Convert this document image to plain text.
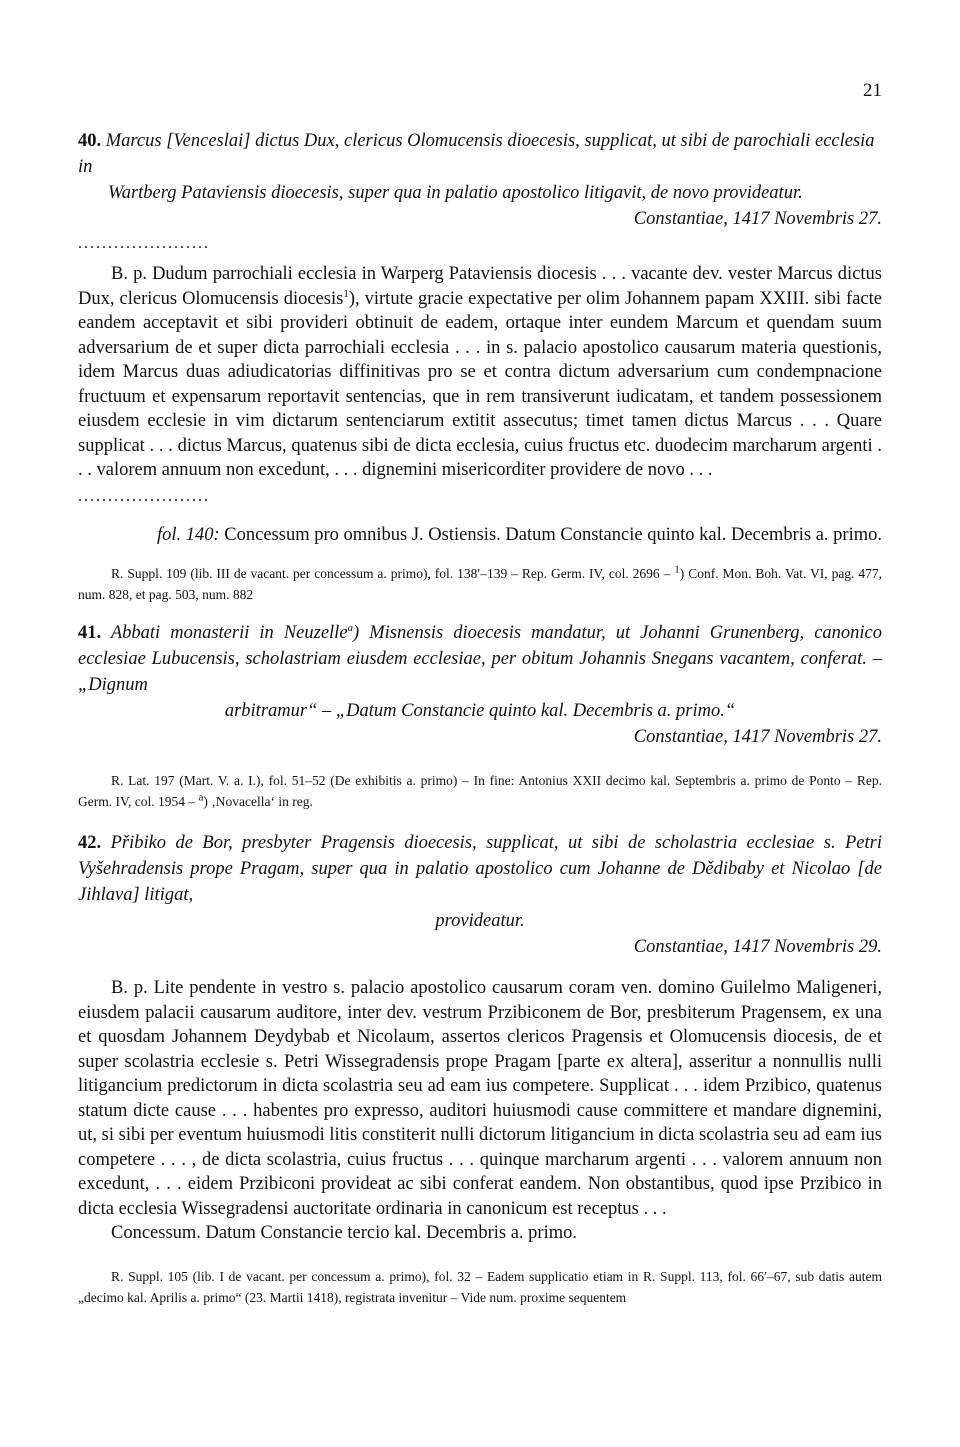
21

40. Marcus [Venceslai] dictus Dux, clericus Olomucensis dioecesis, supplicat, ut sibi de parochiali ecclesia in
Wartberg Pataviensis dioecesis, super qua in palatio apostolico litigavit, de novo provideatur.

Constantiae, 1417 Novembris 27.

......................

B. p. Dudum parrochiali ecclesia in Warperg Pataviensis diocesis . . . vacante dev. vester Marcus dictus Dux, clericus Olomucensis diocesis$^1$), virtute gracie expectative per olim Johannem papam XXIII. sibi facte eandem acceptavit et sibi provideri obtinuit de eadem, ortaque inter eundem Marcum et quendam suum adversarium de et super dicta parrochiali ecclesia . . . in s. palacio apostolico causarum materia questionis, idem Marcus duas adiudicatorias diffinitivas pro se et contra dictum adversarium cum condempnacione fructuum et expensarum reportavit sentencias, que in rem transiverunt iudicatam, et tandem possessionem eiusdem ecclesie in vim dictarum sentenciarum extitit assecutus; timet tamen dictus Marcus . . . Quare supplicat . . . dictus Marcus, quatenus sibi de dicta ecclesia, cuius fructus etc. duodecim marcharum argenti . . . valorem annuum non excedunt, . . . dignemini misericorditer providere de novo . . .

......................

fol. 140: Concessum pro omnibus J. Ostiensis. Datum Constancie quinto kal. Decembris a. primo.

R. Suppl. 109 (lib. III de vacant. per concessum a. primo), fol. 138′–139 – Rep. Germ. IV, col. 2696 – $^1$) Conf. Mon. Boh. Vat. VI, pag. 477, num. 828, et pag. 503, num. 882

41. Abbati monasterii in Neuzelle$^a$) Misnensis dioecesis mandatur, ut Johanni Grunenberg, canonico ecclesiae Lubucensis, scholastriam eiusdem ecclesiae, per obitum Johannis Snegans vacantem, conferat. – „Dignum

arbitramur“ – „Datum Constancie quinto kal. Decembris a. primo.“

Constantiae, 1417 Novembris 27.

R. Lat. 197 (Mart. V. a. I.), fol. 51–52 (De exhibitis a. primo) – In fine: Antonius XXII decimo kal. Septembris a. primo de Ponto – Rep. Germ. IV, col. 1954 – $^a$) ‚Novacella‘ in reg.

42. Přibiko de Bor, presbyter Pragensis dioecesis, supplicat, ut sibi de scholastria ecclesiae s. Petri Vyšehradensis prope Pragam, super qua in palatio apostolico cum Johanne de Dědibaby et Nicolao [de Jihlava] litigat,

provideatur.

Constantiae, 1417 Novembris 29.

B. p. Lite pendente in vestro s. palacio apostolico causarum coram ven. domino Guilelmo Maligeneri, eiusdem palacii causarum auditore, inter dev. vestrum Przibiconem de Bor, presbiterum Pragensem, ex una et quosdam Johannem Deydybab et Nicolaum, assertos clericos Pragensis et Olomucensis diocesis, de et super scolastria ecclesie s. Petri Wissegradensis prope Pragam [parte ex altera], asseritur a nonnullis nulli litigancium predictorum in dicta scolastria seu ad eam ius competere. Supplicat . . . idem Przibico, quatenus statum dicte cause . . . habentes pro expresso, auditori huiusmodi cause committere et mandare dignemini, ut, si sibi per eventum huiusmodi litis constiterit nulli dictorum litigancium in dicta scolastria seu ad eam ius competere . . . , de dicta scolastria, cuius fructus . . . quinque marcharum argenti . . . valorem annuum non excedunt, . . . eidem Przibiconi provideat ac sibi conferat eandem. Non obstantibus, quod ipse Przibico in dicta ecclesia Wissegradensi auctoritate ordinaria in canonicum est receptus . . .

Concessum. Datum Constancie tercio kal. Decembris a. primo.

R. Suppl. 105 (lib. I de vacant. per concessum a. primo), fol. 32 – Eadem supplicatio etiam in R. Suppl. 113, fol. 66′–67, sub datis autem „decimo kal. Aprilis a. primo“ (23. Martii 1418), registrata invenitur – Vide num. proxime sequentem
